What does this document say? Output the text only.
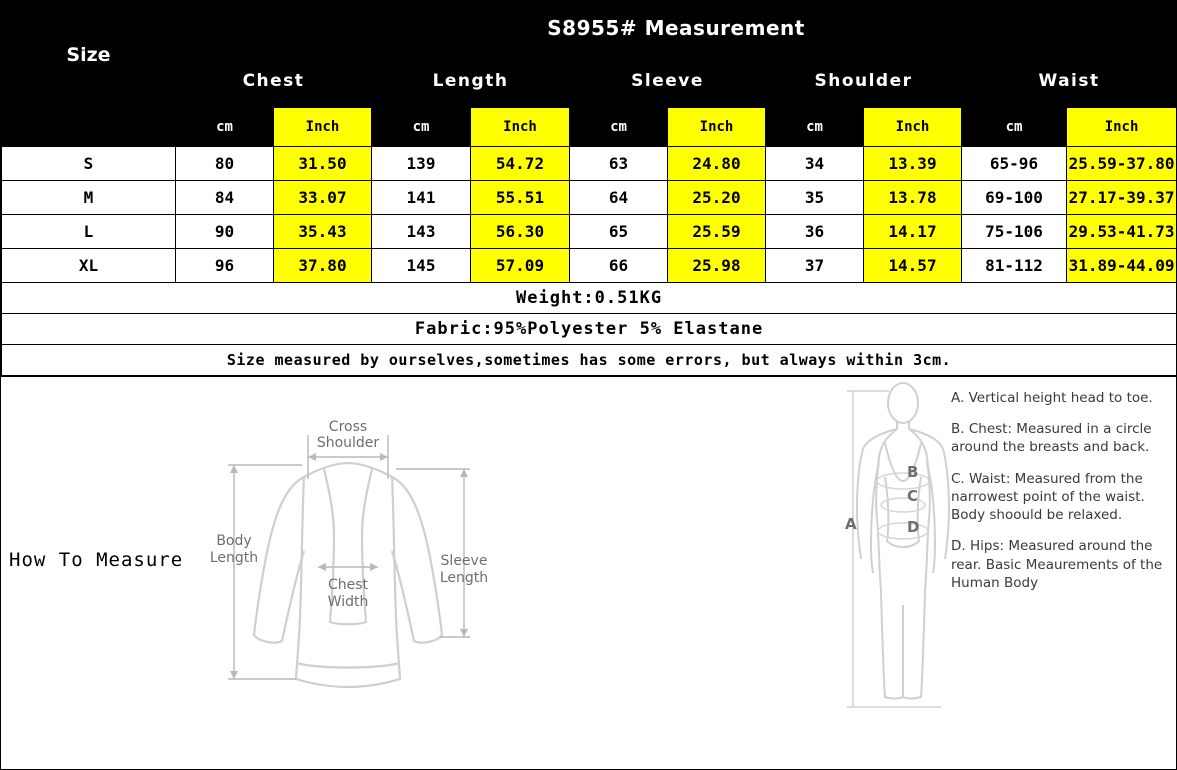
Size	S8955# Measurement									
	Chest		Length		Sleeve		Shoulder		Waist	
	cm	Inch	cm	Inch	cm	Inch	cm	Inch	cm	Inch
S	80	31.50	139	54.72	63	24.80	34	13.39	65-96	25.59-37.80
M	84	33.07	141	55.51	64	25.20	35	13.78	69-100	27.17-39.37
L	90	35.43	143	56.30	65	25.59	36	14.17	75-106	29.53-41.73
XL	96	37.80	145	57.09	66	25.98	37	14.57	81-112	31.89-44.09
Weight:0.51KG										
Fabric:95%Polyester 5% Elastane										
Size measured by ourselves,sometimes has some errors, but always within 3cm.										
How To Measure
Cross
Shoulder
Body
Length
Chest
Width
Sleeve
Length
A
B
C
D

A. Vertical height head to toe.

B. Chest: Measured in a circle around the breasts and back.

C. Waist: Measured from the narrowest point of the waist. Body shoould be relaxed.

D. Hips: Measured around the rear. Basic Meaurements of the Human Body
